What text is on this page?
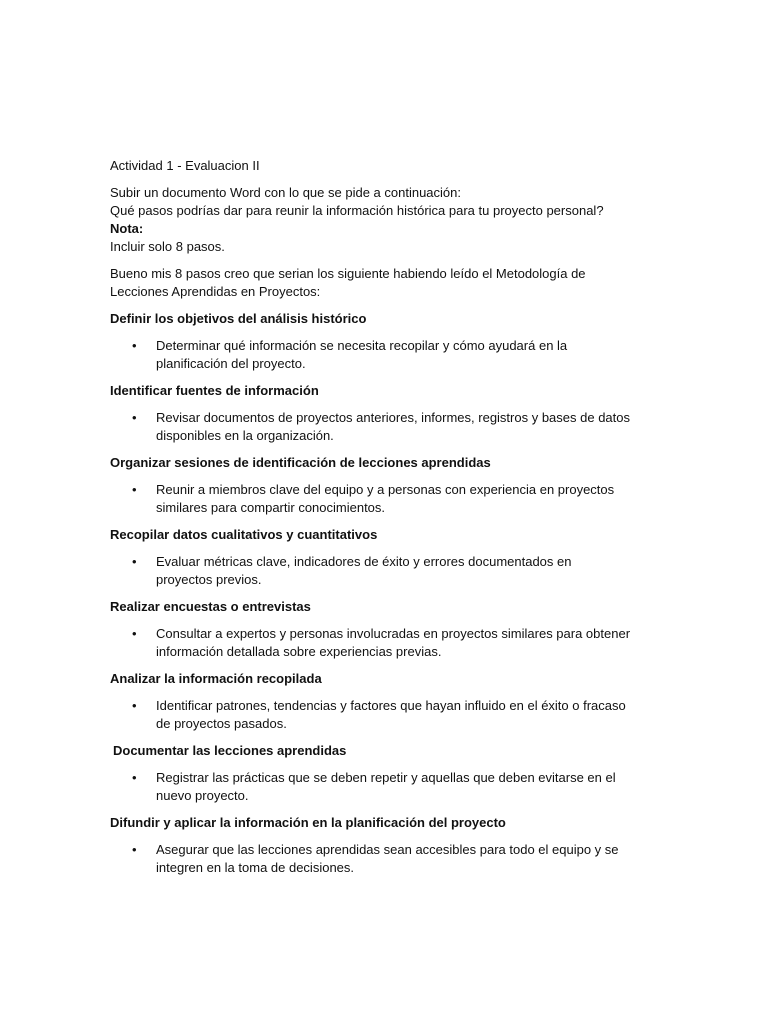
Actividad 1 - Evaluacion II

Subir un documento Word con lo que se pide a continuación:
Qué pasos podrías dar para reunir la información histórica para tu proyecto personal?
Nota:
Incluir solo 8 pasos.
Bueno mis 8 pasos creo que serian los siguiente habiendo leído el Metodología de
Lecciones Aprendidas en Proyectos:
Definir los objetivos del análisis histórico
• Determinar qué información se necesita recopilar y cómo ayudará en la
planificación del proyecto.
Identificar fuentes de información
• Revisar documentos de proyectos anteriores, informes, registros y bases de datos
disponibles en la organización.
Organizar sesiones de identificación de lecciones aprendidas
• Reunir a miembros clave del equipo y a personas con experiencia en proyectos
similares para compartir conocimientos.
Recopilar datos cualitativos y cuantitativos
• Evaluar métricas clave, indicadores de éxito y errores documentados en
proyectos previos.
Realizar encuestas o entrevistas
• Consultar a expertos y personas involucradas en proyectos similares para obtener
información detallada sobre experiencias previas.
Analizar la información recopilada
• Identificar patrones, tendencias y factores que hayan influido en el éxito o fracaso
de proyectos pasados.
Documentar las lecciones aprendidas
• Registrar las prácticas que se deben repetir y aquellas que deben evitarse en el
nuevo proyecto.
Difundir y aplicar la información en la planificación del proyecto
• Asegurar que las lecciones aprendidas sean accesibles para todo el equipo y se
integren en la toma de decisiones.
